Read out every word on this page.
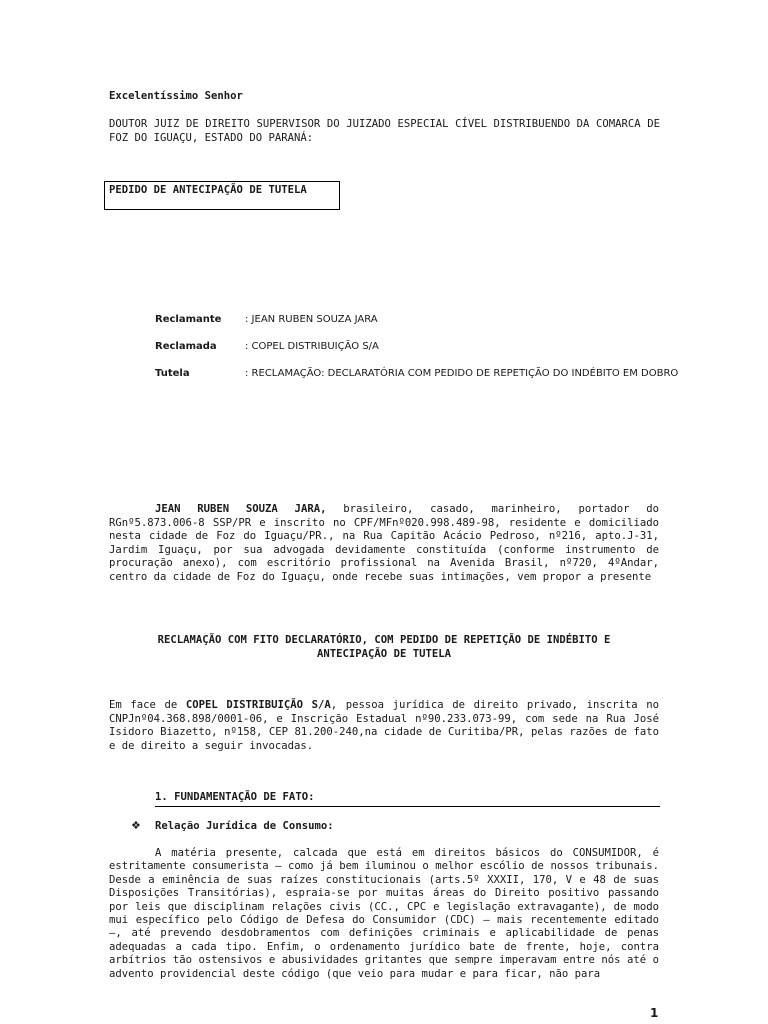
Excelentíssimo Senhor
DOUTOR JUIZ DE DIREITO SUPERVISOR DO JUIZADO ESPECIAL CÍVEL DISTRIBUENDO DA COMARCA DE FOZ DO IGUAÇU, ESTADO DO PARANÁ:
PEDIDO DE ANTECIPAÇÃO DE TUTELA
Reclamante : JEAN RUBEN SOUZA JARA
Reclamada	: COPEL DISTRIBUIÇÃO S/A
Tutela	: RECLAMAÇÃO: DECLARATÓRIA COM PEDIDO DE REPETIÇÃO DO INDÉBITO EM DOBRO
JEAN RUBEN SOUZA JARA, brasileiro, casado, marinheiro, portador do RGnº5.873.006-8 SSP/PR e inscrito no CPF/MFnº020.998.489-98, residente e domiciliado nesta cidade de Foz do Iguaçu/PR., na Rua Capitão Acácio Pedroso, nº216, apto.J-31, Jardim Iguaçu, por sua advogada devidamente constituída (conforme instrumento de procuração anexo), com escritório profissional na Avenida Brasil, nº720, 4ºAndar, centro da cidade de Foz do Iguaçu, onde recebe suas intimações, vem propor a presente
RECLAMAÇÃO COM FITO DECLARATÓRIO, COM PEDIDO DE REPETIÇÃO DE INDÉBITO E
ANTECIPAÇÃO DE TUTELA
Em face de COPEL DISTRIBUIÇÃO S/A, pessoa jurídica de direito privado, inscrita no CNPJnº04.368.898/0001-06, e Inscrição Estadual nº90.233.073-99, com sede na Rua José Isidoro Biazetto, nº158, CEP 81.200-240,na cidade de Curitiba/PR, pelas razões de fato e de direito a seguir invocadas.
1. FUNDAMENTAÇÃO DE FATO:
❖ Relação Jurídica de Consumo:
A matéria presente, calcada que está em direitos básicos do CONSUMIDOR, é estritamente consumerista – como já bem iluminou o melhor escólio de nossos tribunais. Desde a eminência de suas raízes constitucionais (arts.5º XXXII, 170, V e 48 de suas Disposições Transitórias), espraia-se por muitas áreas do Direito positivo passando por leis que disciplinam relações civis (CC., CPC e legislação extravagante), de modo mui específico pelo Código de Defesa do Consumidor (CDC) – mais recentemente editado –, até prevendo desdobramentos com definições criminais e aplicabilidade de penas adequadas a cada tipo. Enfim, o ordenamento jurídico bate de frente, hoje, contra arbítrios tão ostensivos e abusividades gritantes que sempre imperavam entre nós até o advento providencial deste código (que veio para mudar e para ficar, não para
1
